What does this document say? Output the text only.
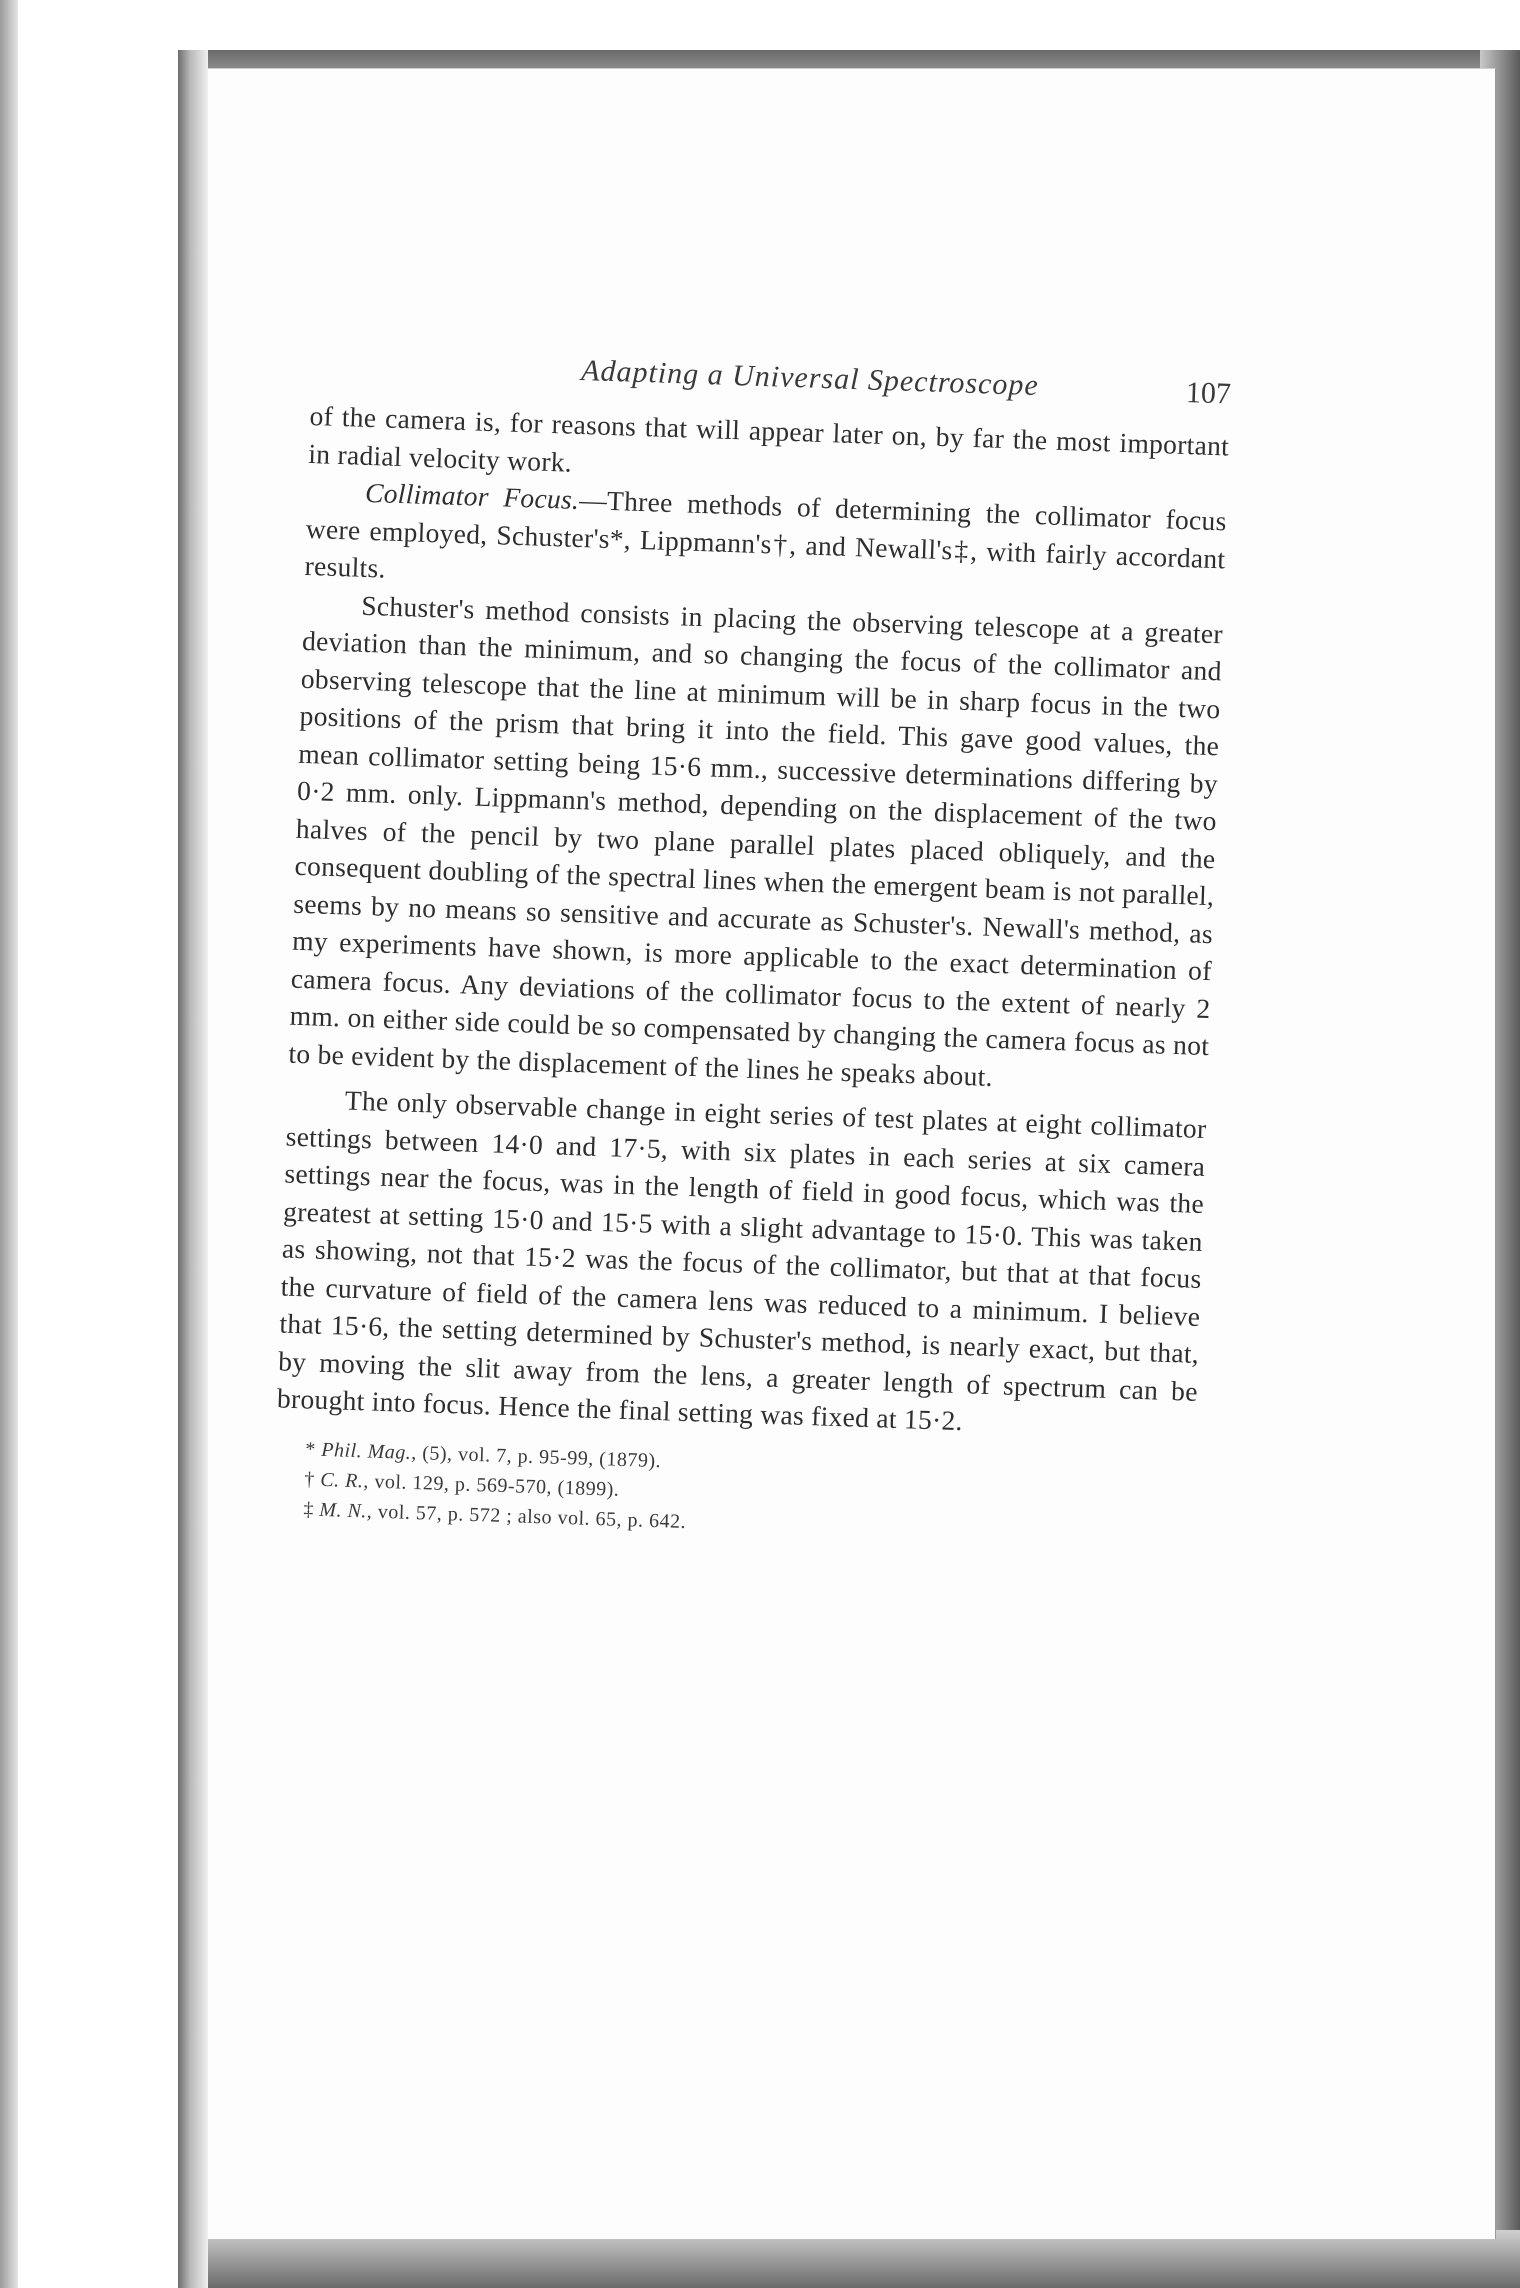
Adapting a Universal Spectroscope	107

of the camera is, for reasons that will appear later on, by far the most important in radial velocity work.

Collimator Focus.—Three methods of determining the collimator focus were employed, Schuster's*, Lippmann's†, and Newall's‡, with fairly accordant results.

Schuster's method consists in placing the observing telescope at a greater deviation than the minimum, and so changing the focus of the collimator and observing telescope that the line at minimum will be in sharp focus in the two positions of the prism that bring it into the field. This gave good values, the mean collimator setting being 15·6 mm., successive determinations differing by 0·2 mm. only. Lippmann's method, depending on the displacement of the two halves of the pencil by two plane parallel plates placed obliquely, and the consequent doubling of the spectral lines when the emergent beam is not parallel, seems by no means so sensitive and accurate as Schuster's. Newall's method, as my experiments have shown, is more applicable to the exact determination of camera focus. Any deviations of the collimator focus to the extent of nearly 2 mm. on either side could be so compensated by changing the camera focus as not to be evident by the displacement of the lines he speaks about.

The only observable change in eight series of test plates at eight collimator settings between 14·0 and 17·5, with six plates in each series at six camera settings near the focus, was in the length of field in good focus, which was the greatest at setting 15·0 and 15·5 with a slight advantage to 15·0. This was taken as showing, not that 15·2 was the focus of the collimator, but that at that focus the curvature of field of the camera lens was reduced to a minimum. I believe that 15·6, the setting determined by Schuster's method, is nearly exact, but that, by moving the slit away from the lens, a greater length of spectrum can be brought into focus. Hence the final setting was fixed at 15·2.

* Phil. Mag., (5), vol. 7, p. 95-99, (1879).
† C. R., vol. 129, p. 569-570, (1899).
‡ M. N., vol. 57, p. 572 ; also vol. 65, p. 642.
